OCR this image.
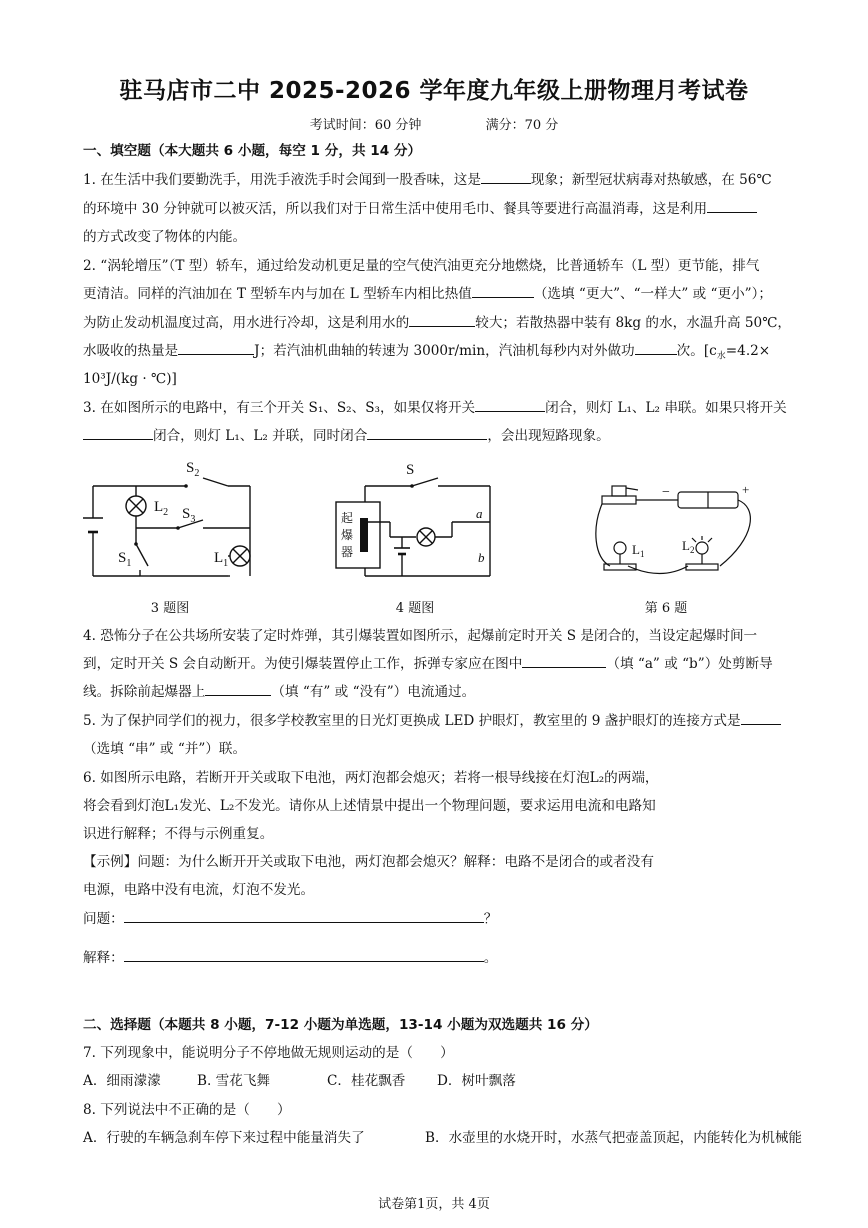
驻马店市二中 2025-2026 学年度九年级上册物理月考试卷
考试时间：60 分钟	满分：70 分
一、填空题（本大题共 6 小题，每空 1 分，共 14 分）
1. 在生活中我们要勤洗手，用洗手液洗手时会闻到一股香味，这是	现象；新型冠状病毒对热敏感，在 56℃
的环境中 30 分钟就可以被灭活，所以我们对于日常生活中使用毛巾、餐具等要进行高温消毒，这是利用
的方式改变了物体的内能。
2. “涡轮增压”（T 型）轿车，通过给发动机更足量的空气使汽油更充分地燃烧，比普通轿车（L 型）更节能，排气
更清洁。同样的汽油加在 T 型轿车内与加在 L 型轿车内相比热值	（选填 “更大”、“一样大” 或 “更小”）；
为防止发动机温度过高，用水进行冷却，这是利用水的	较大；若散热器中装有 8kg 的水，水温升高 50℃，
水吸收的热量是	J；若汽油机曲轴的转速为 3000r/min，汽油机每秒内对外做功	次。[$c_水=4.2\times$
10³J/(kg · ℃)]
3. 在如图所示的电路中，有三个开关 S₁、S₂、S₃，如果仅将开关	闭合，则灯 L₁、L₂ 串联。如果只将开关
闭合，则灯 L₁、L₂ 并联，同时闭合	，会出现短路现象。
$S_2$
$L_2$ $S_3$
$S_1$	$L_1$
3 题图
S
a
b
起
爆
器
4 题图
−	+
$L_1$
$L_2$
第 6 题
4. 恐怖分子在公共场所安装了定时炸弹，其引爆装置如图所示，起爆前定时开关 S 是闭合的，当设定起爆时间一
到，定时开关 S 会自动断开。为使引爆装置停止工作，拆弹专家应在图中	（填 “a” 或 “b”）处剪断导
线。拆除前起爆器上	（填 “有” 或 “没有”）电流通过。
5. 为了保护同学们的视力，很多学校教室里的日光灯更换成 LED 护眼灯，教室里的 9 盏护眼灯的连接方式是
（选填 “串” 或 “并”）联。
6. 如图所示电路，若断开开关或取下电池，两灯泡都会熄灭；若将一根导线接在灯泡L₂的两端，
将会看到灯泡L₁发光、L₂不发光。请你从上述情景中提出一个物理问题，要求运用电流和电路知
识进行解释；不得与示例重复。
【示例】问题：为什么断开开关或取下电池，两灯泡都会熄灭？解释：电路不是闭合的或者没有
电源，电路中没有电流，灯泡不发光。
问题：	？
解释：	。
二、选择题（本题共 8 小题，7-12 小题为单选题，13-14 小题为双选题共 16 分）
7. 下列现象中，能说明分子不停地做无规则运动的是（　　）
A．细雨濛濛	B. 雪花飞舞	C．桂花飘香 D．树叶飘落
8. 下列说法中不正确的是（　　）
A．行驶的车辆急刹车停下来过程中能量消失了	B．水壶里的水烧开时，水蒸气把壶盖顶起，内能转化为机械能
试卷第1页，共 4页
